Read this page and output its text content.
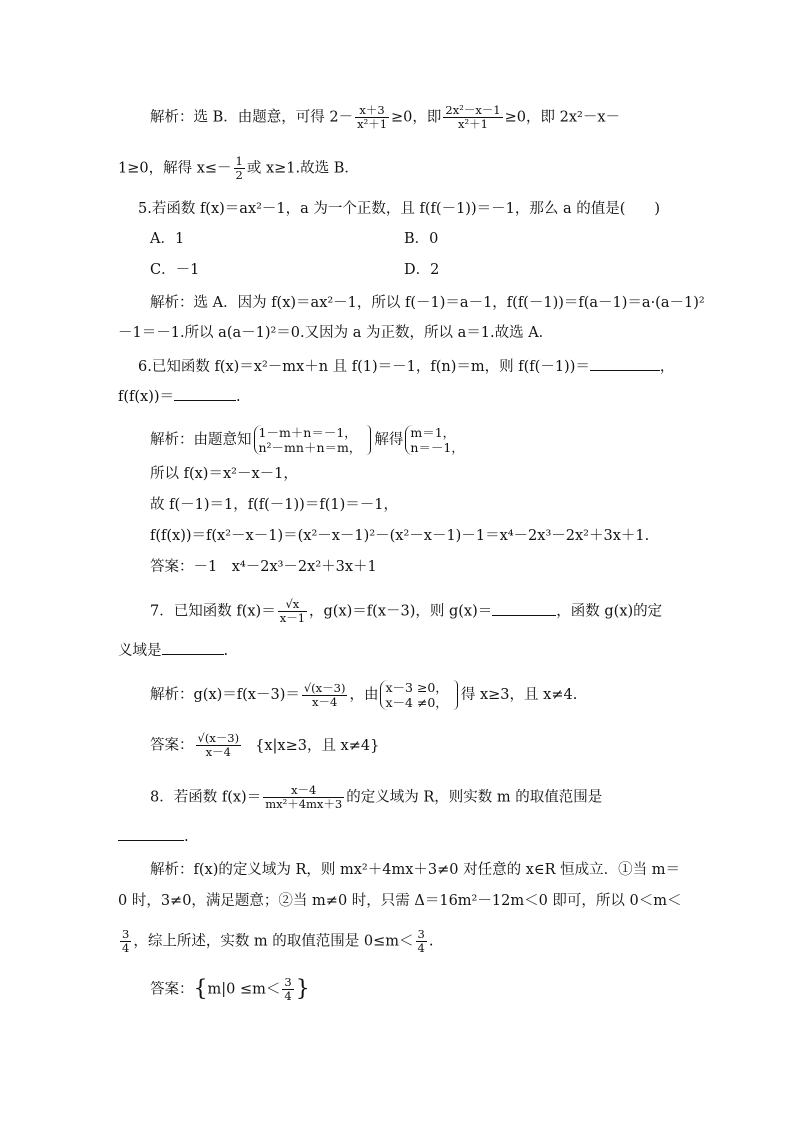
解析：选 B．由题意，可得 $2- \frac{x+3}{\text{x²＋1}} \ge 0$，即 $\frac{\text{2x²－x－1}}{\text{x²＋1}} \ge 0$，即 2x²－x－
1≥0，解得 $x\le- \frac{1}{2}$ 或 x≥1.故选 B．
5.若函数 f(x)＝ax²－1，a 为一个正数，且 f(f(－1))＝－1，那么 a 的值是(　　)
A．1	B．0
C．－1	D．2
解析：选 A．因为 f(x)＝ax²－1，所以 f(－1)＝a－1，f(f(－1))＝f(a－1)＝a·(a－1)²
－1＝－1.所以 a(a－1)²＝0.又因为 a 为正数，所以 a＝1.故选 A．
6.已知函数 f(x)＝x²－mx＋n 且 f(1)＝－1，f(n)＝m，则 f(f(－1))＝	，
f(f(x))＝	.
解析：由题意知 1－m＋n＝－1，
n²－mn＋n＝m， 解得 m＝1，
n＝－1，
所以 f(x)＝x²－x－1，
故 f(－1)＝1，f(f(－1))＝f(1)＝－1，
f(f(x))＝f(x²－x－1)＝(x²－x－1)²－(x²－x－1)－1＝x⁴－2x³－2x²＋3x＋1.
答案：－1　x⁴－2x³－2x²＋3x＋1
7．已知函数 $f(x)= \frac{√x}{x-1}$ ，g(x)＝f(x－3)，则 g(x)＝	，函数 g(x)的定
义域是	.
解析：$g(x)=f(x-3)= \frac{√(x-3)}{x-4}$ ，由 x－3 ≥0，
x－4 ≠0， 得 x≥3，且 x≠4.
答案： $\frac{√(x-3)}{x-4} \{x|x\ge 3$，且 x≠4}
8．若函数 $f(x)= \frac{x-4}{\text{mx²＋4mx＋3}}$ 的定义域为 R，则实数 m 的取值范围是
.
解析：f(x)的定义域为 R，则 mx²＋4mx＋3≠0 对任意的 x∈R 恒成立．①当 m＝
0 时，3≠0，满足题意；②当 m≠0 时，只需 Δ＝16m²－12m＜0 即可，所以 0＜m＜
$\frac{3}{4}$ ，综上所述，实数 m 的取值范围是 $0\le m< \frac{3}{4}$ .
答案：{$m|0 \le m< \frac{3}{4}$ }
